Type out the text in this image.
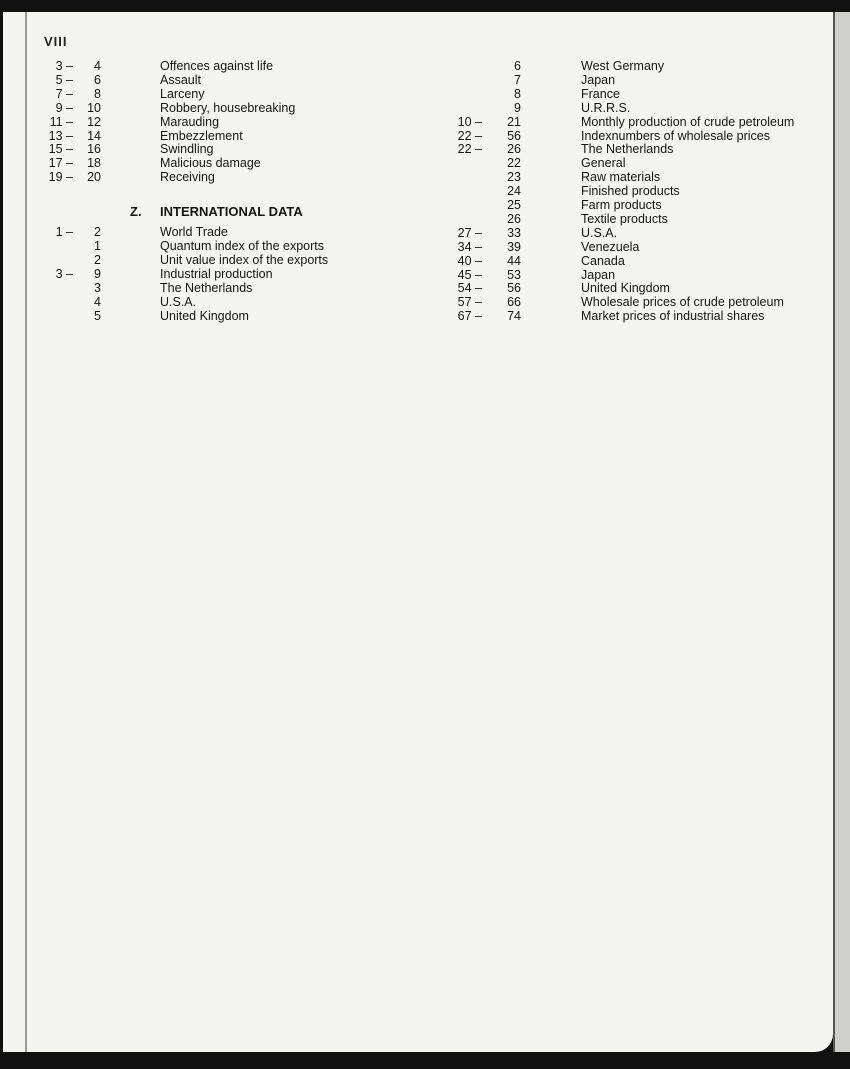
VIII
3 – 4	Offences against life
5 – 6	Assault
7 – 8	Larceny
9 – 10	Robbery, housebreaking
11 – 12	Marauding
13 – 14	Embezzlement
15 – 16	Swindling
17 – 18	Malicious damage
19 – 20	Receiving
Z. INTERNATIONAL DATA
1 – 2	World Trade
1	Quantum index of the exports
2	Unit value index of the exports
3 – 9	Industrial production
3	The Netherlands
4	U.S.A.
5	United Kingdom
6	West Germany
7	Japan
8	France
9	U.R.R.S.
10 – 21	Monthly production of crude petroleum
22 – 56	Indexnumbers of wholesale prices
22 – 26	The Netherlands
22	General
23	Raw materials
24	Finished products
25	Farm products
26	Textile products
27 – 33	U.S.A.
34 – 39	Venezuela
40 – 44	Canada
45 – 53	Japan
54 – 56	United Kingdom
57 – 66	Wholesale prices of crude petroleum
67 – 74	Market prices of industrial shares
